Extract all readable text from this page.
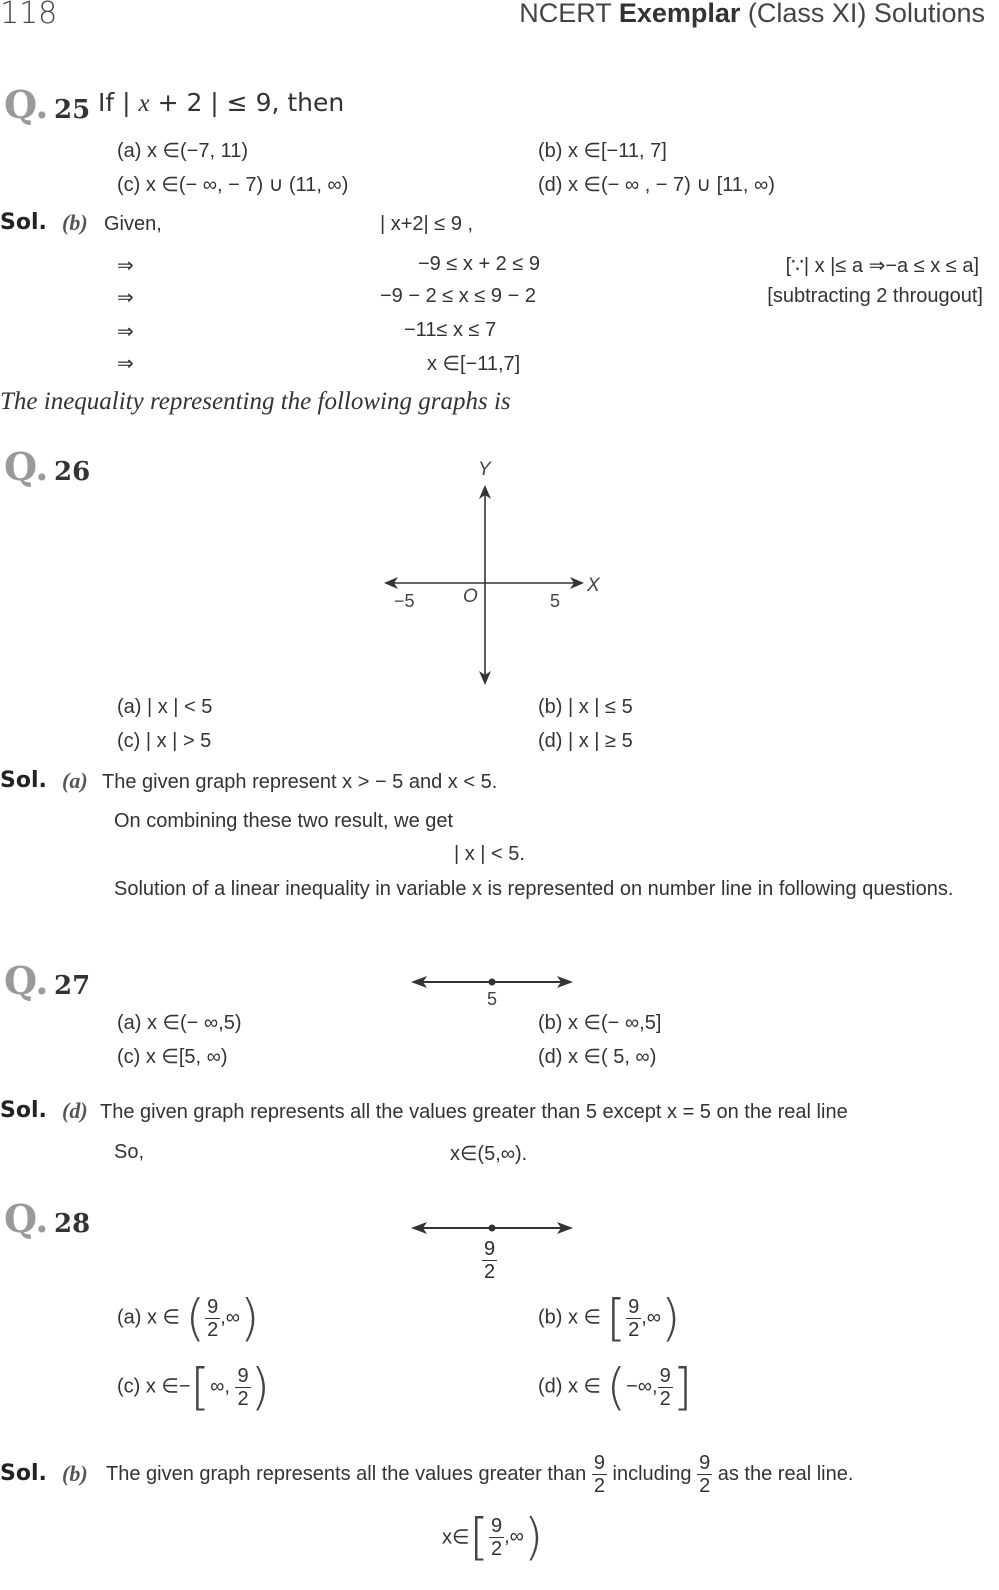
118	NCERT Exemplar (Class XI) Solutions
Q. 25 If | x + 2 | ≤ 9, then
(a) x ∈(−7, 11)	(b) x ∈[−11, 7]
(c) x ∈(− ∞, − 7) ∪ (11, ∞)	(d) x ∈(− ∞ , − 7) ∪ [11, ∞)
Sol. (b) Given,	| x+2| ≤ 9 ,
⇒	−9 ≤ x + 2 ≤ 9	[∵| x |≤ a ⇒−a ≤ x ≤ a]
⇒	−9 − 2 ≤ x ≤ 9 − 2	[subtracting 2 througout]
⇒	−11≤ x ≤ 7
⇒	x ∈[−11,7]
The inequality representing the following graphs is
Q. 26	Y
X
O
−5	5
(a) | x | < 5	(b) | x | ≤ 5
(c) | x | > 5	(d) | x | ≥ 5
Sol. (a) The given graph represent x > − 5 and x < 5.
On combining these two result, we get
| x | < 5.
Solution of a linear inequality in variable x is represented on number line in following questions.
Q. 27	5
(a) x ∈(− ∞,5)	(b) x ∈(− ∞,5]
(c) x ∈[5, ∞)	(d) x ∈( 5, ∞)
Sol. (d) The given graph represents all the values greater than 5 except x = 5 on the real line
So,	x∈(5,∞).
Q. 28
$\frac{9}{2}$
(a) x ∈ ( $\frac{9}{2}$ ,∞)	(b) x ∈ [ $\frac{9}{2}$ ,∞)
(c) x ∈−[∞, $\frac{9}{2}$ )	(d) x ∈ (−∞, $\frac{9}{2}$ ]
Sol. (b) The given graph represents all the values greater than $\frac{9}{2}$ including $\frac{9}{2}$ as the real line.
x∈[ $\frac{9}{2}$ ,∞)
